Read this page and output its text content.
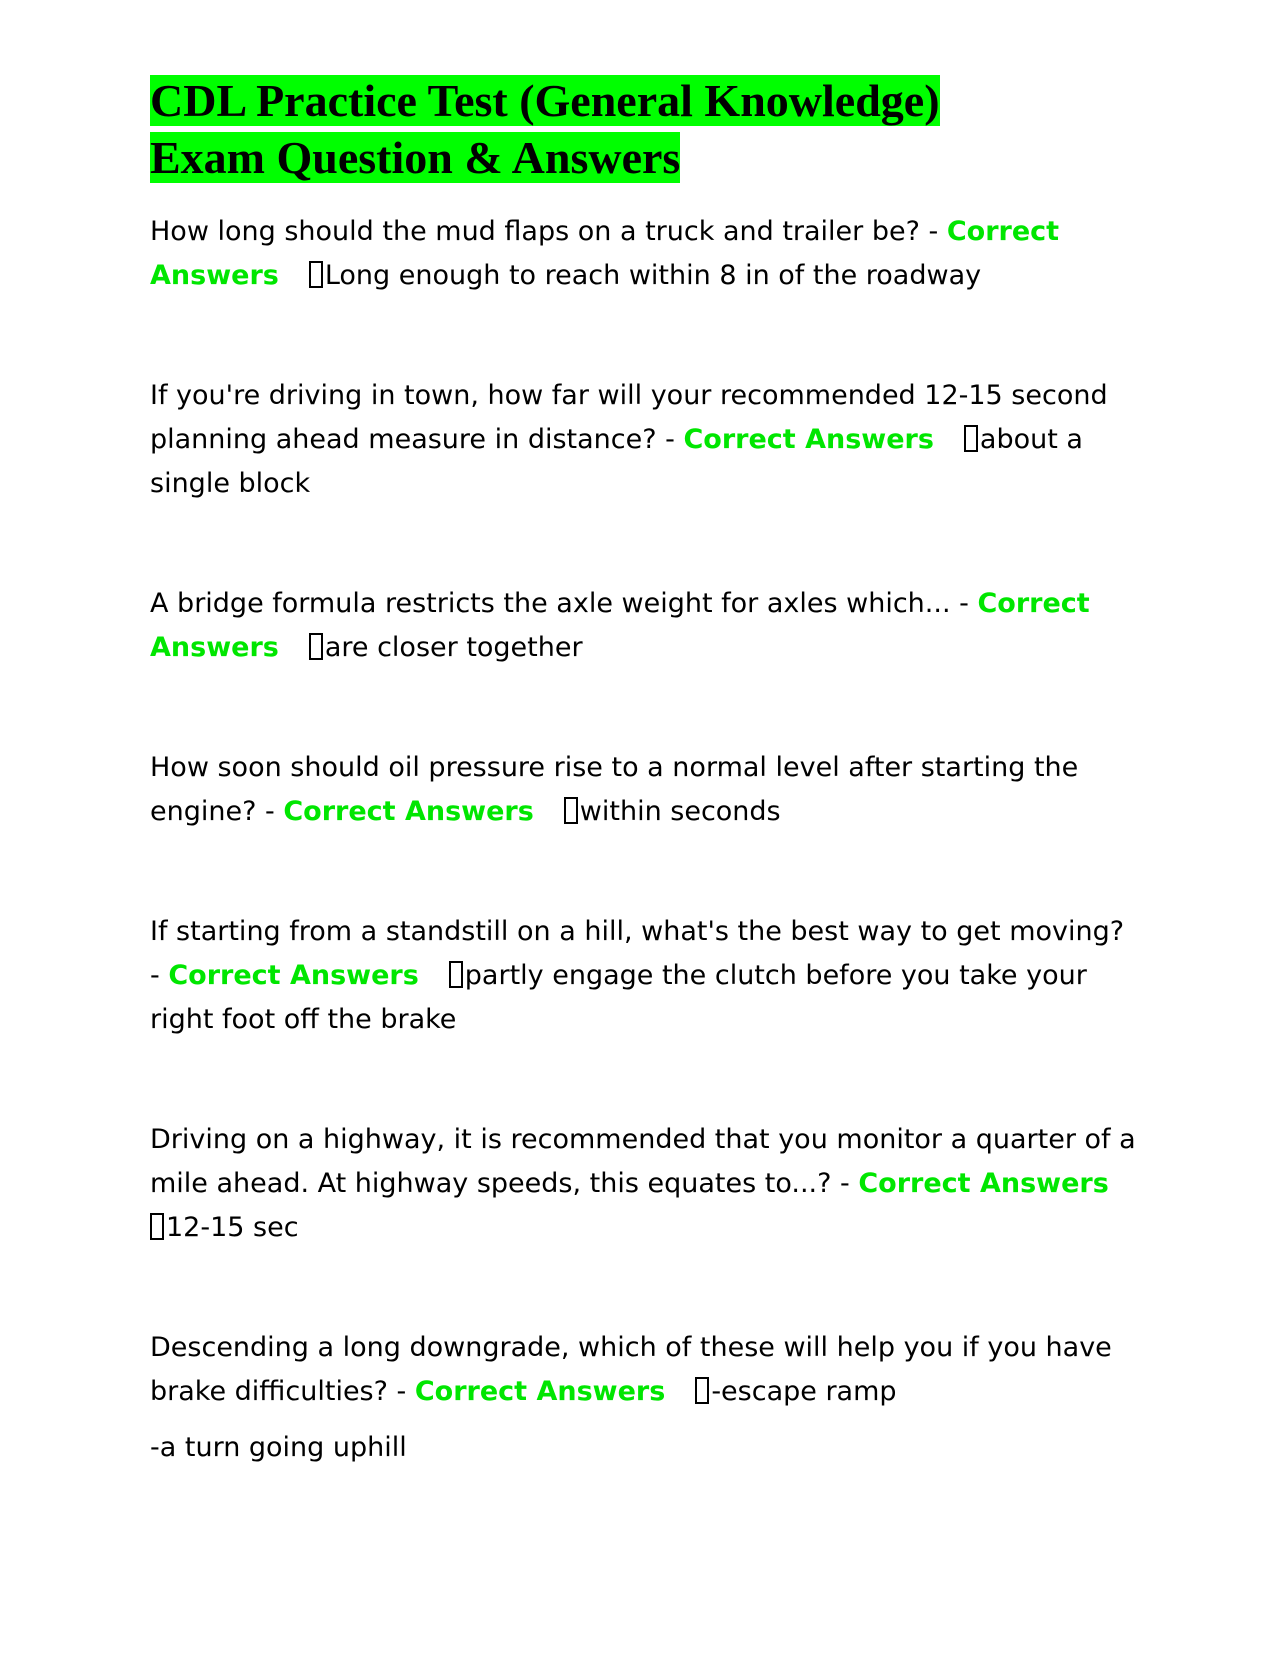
CDL Practice Test (General Knowledge)
Exam Question & Answers

How long should the mud flaps on a truck and trailer be? - Correct Answers Long enough to reach within 8 in of the roadway

If you're driving in town, how far will your recommended 12-15 second planning ahead measure in distance? - Correct Answers about a single block

A bridge formula restricts the axle weight for axles which... - Correct Answers are closer together

How soon should oil pressure rise to a normal level after starting the engine? - Correct Answers within seconds

If starting from a standstill on a hill, what's the best way to get moving? - Correct Answers partly engage the clutch before you take your right foot off the brake

Driving on a highway, it is recommended that you monitor a quarter of a mile ahead. At highway speeds, this equates to...? - Correct Answers
12-15 sec

Descending a long downgrade, which of these will help you if you have brake difficulties? - Correct Answers -escape ramp

-a turn going uphill
